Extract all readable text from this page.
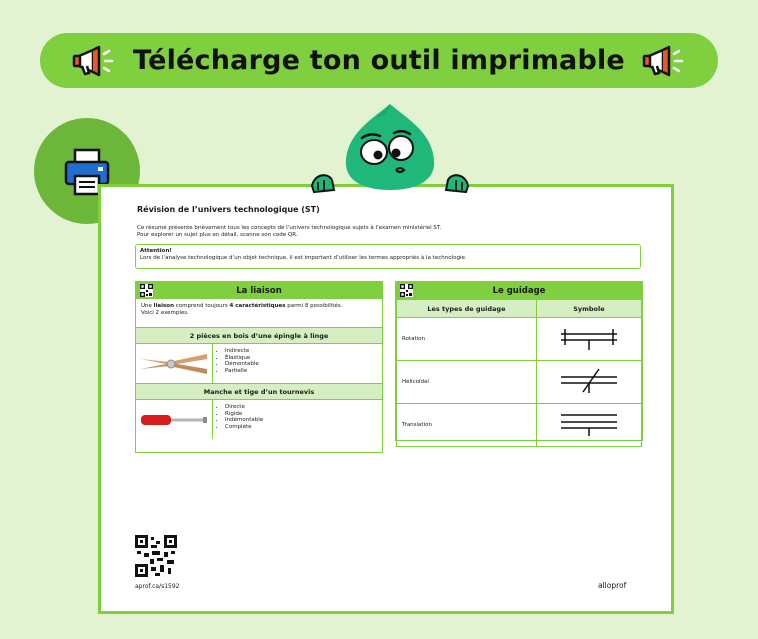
Télécharge ton outil imprimable
Révision de l’univers technologique (ST)
Ce résumé présente brièvement tous les concepts de l’univers technologique sujets à l’examen ministériel ST.
Pour explorer un sujet plus en détail, scanne son code QR.
Attention!
Lors de l’analyse technologique d’un objet technique, il est important d’utiliser les termes appropriés à la technologie.
La liaison
Une liaison comprend toujours 4 caractéristiques parmi 8 possibilités.
Voici 2 exemples.
2 pièces en bois d’une épingle à linge
• Indirecte
• Élastique
• Démontable
• Partielle
Manche et tige d’un tournevis
• Directe
• Rigide
• Indémontable
• Complète
Le guidage
Les types de guidage	Symbole
Rotation	
Hélicoïdal	
Translation	
aprof.ca/s1592	alloprof
